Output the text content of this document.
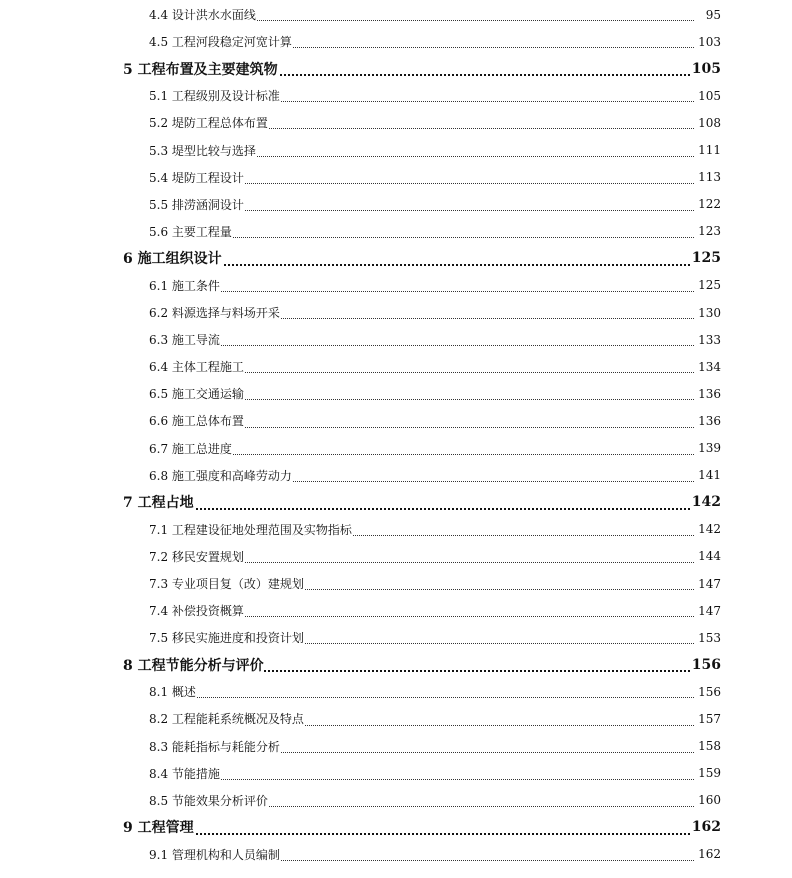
4.4 设计洪水水面线	95
4.5 工程河段稳定河宽计算	103
5 工程布置及主要建筑物	105
5.1 工程级别及设计标准	105
5.2 堤防工程总体布置	108
5.3 堤型比较与选择	111
5.4 堤防工程设计	113
5.5 排涝涵洞设计	122
5.6 主要工程量	123
6 施工组织设计	125
6.1 施工条件	125
6.2 料源选择与料场开采	130
6.3 施工导流	133
6.4 主体工程施工	134
6.5 施工交通运输	136
6.6 施工总体布置	136
6.7 施工总进度	139
6.8 施工强度和高峰劳动力	141
7 工程占地	142
7.1 工程建设征地处理范围及实物指标	142
7.2 移民安置规划	144
7.3 专业项目复（改）建规划	147
7.4 补偿投资概算	147
7.5 移民实施进度和投资计划	153
8 工程节能分析与评价	156
8.1 概述	156
8.2 工程能耗系统概况及特点	157
8.3 能耗指标与耗能分析	158
8.4 节能措施	159
8.5 节能效果分析评价	160
9 工程管理	162
9.1 管理机构和人员编制	162
